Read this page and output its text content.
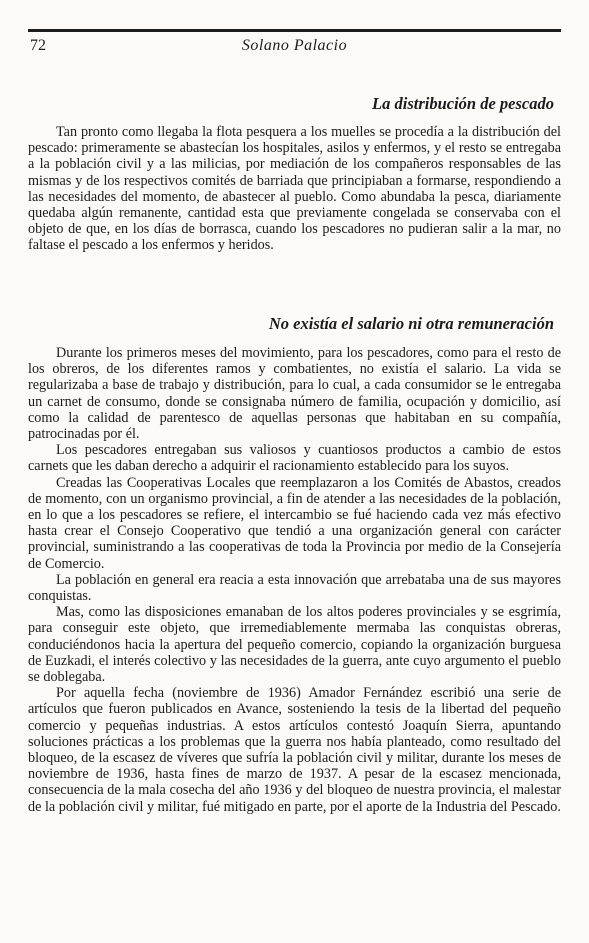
72	Solano Palacio
La distribución de pescado

Tan pronto como llegaba la flota pesquera a los muelles se procedía a la distribución del pescado: primeramente se abastecían los hospitales, asilos y enfermos, y el resto se entregaba a la población civil y a las milicias, por mediación de los compañeros responsables de las mismas y de los respectivos comités de barriada que principiaban a formarse, respondiendo a las necesidades del momento, de abastecer al pueblo. Como abundaba la pesca, diariamente quedaba algún remanente, cantidad esta que previamente congelada se conservaba con el objeto de que, en los días de borrasca, cuando los pescadores no pudieran salir a la mar, no faltase el pescado a los enfermos y heridos.

No existía el salario ni otra remuneración

Durante los primeros meses del movimiento, para los pescadores, como para el resto de los obreros, de los diferentes ramos y combatientes, no existía el salario. La vida se regularizaba a base de trabajo y distribución, para lo cual, a cada consumidor se le entregaba un carnet de consumo, donde se consignaba número de familia, ocupación y domicilio, así como la calidad de parentesco de aquellas personas que habitaban en su compañía, patrocinadas por él.

Los pescadores entregaban sus valiosos y cuantiosos productos a cambio de estos carnets que les daban derecho a adquirir el racionamiento establecido para los suyos.

Creadas las Cooperativas Locales que reemplazaron a los Comités de Abastos, creados de momento, con un organismo provincial, a fin de atender a las necesidades de la población, en lo que a los pescadores se refiere, el intercambio se fué haciendo cada vez más efectivo hasta crear el Consejo Cooperativo que tendió a una organización general con carácter provincial, suministrando a las cooperativas de toda la Provincia por medio de la Consejería de Comercio.

La población en general era reacia a esta innovación que arrebataba una de sus mayores conquistas.

Mas, como las disposiciones emanaban de los altos poderes provinciales y se esgrimía, para conseguir este objeto, que irremediablemente mermaba las conquistas obreras, conduciéndonos hacia la apertura del pequeño comercio, copiando la organización burguesa de Euzkadi, el interés colectivo y las necesidades de la guerra, ante cuyo argumento el pueblo se doblegaba.

Por aquella fecha (noviembre de 1936) Amador Fernández escribió una serie de artículos que fueron publicados en Avance, sosteniendo la tesis de la libertad del pequeño comercio y pequeñas industrias. A estos artículos contestó Joaquín Sierra, apuntando soluciones prácticas a los problemas que la guerra nos había planteado, como resultado del bloqueo, de la escasez de víveres que sufría la población civil y militar, durante los meses de noviembre de 1936, hasta fines de marzo de 1937. A pesar de la escasez mencionada, consecuencia de la mala cosecha del año 1936 y del bloqueo de nuestra provincia, el malestar de la población civil y militar, fué mitigado en parte, por el aporte de la Industria del Pescado.
